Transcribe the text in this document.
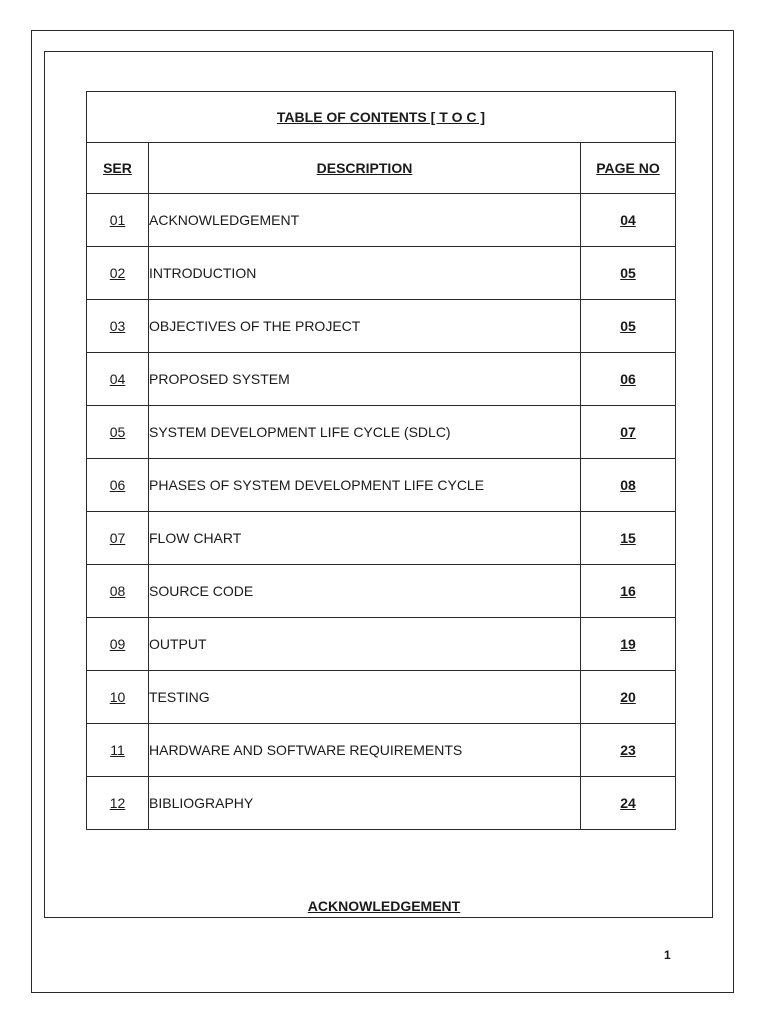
TABLE OF CONTENTS [ T O C ]		
SER	DESCRIPTION	PAGE NO
01	ACKNOWLEDGEMENT	04
02	INTRODUCTION	05
03	OBJECTIVES OF THE PROJECT	05
04	PROPOSED SYSTEM	06
05	SYSTEM DEVELOPMENT LIFE CYCLE (SDLC)	07
06	PHASES OF SYSTEM DEVELOPMENT LIFE CYCLE	08
07	FLOW CHART	15
08	SOURCE CODE	16
09	OUTPUT	19
10	TESTING	20
11	HARDWARE AND SOFTWARE REQUIREMENTS	23
12	BIBLIOGRAPHY	24
ACKNOWLEDGEMENT
1
